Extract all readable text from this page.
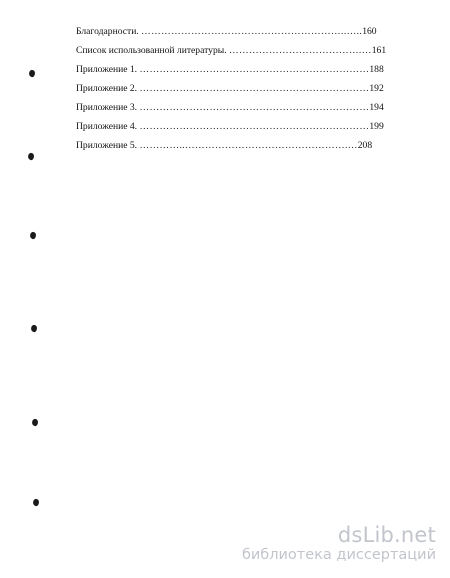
Благодарности. ……………………………………………………..…..160
Список использованной литературы. ………………………………….…161
Приложение 1. ……………………………………………………………188
Приложение 2. ……………………………………………………………192
Приложение 3. ……………………………………………………………194
Приложение 4. ……………………………………………………………199
Приложение 5. …………..………………………………………….…208
dsLib.net
библиотека диссертаций
